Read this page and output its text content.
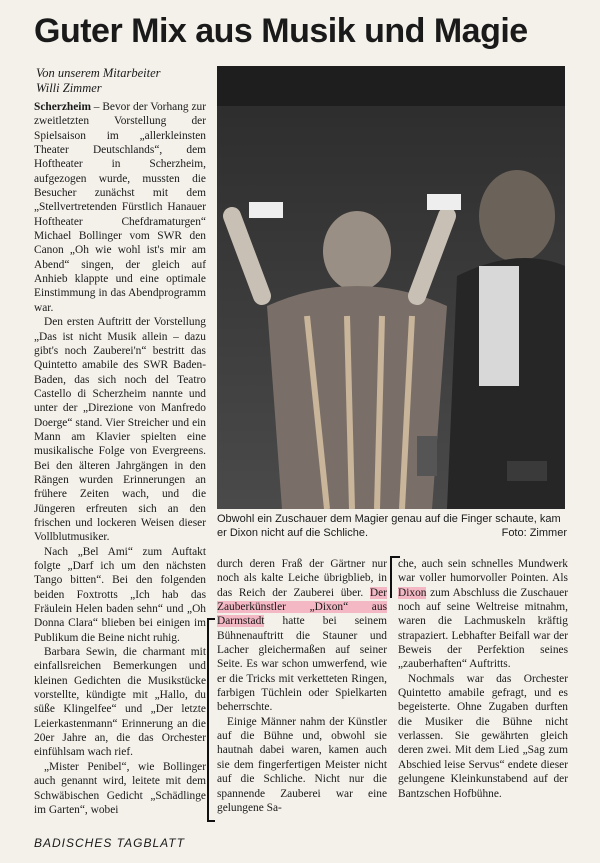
Guter Mix aus Musik und Magie
Von unserem Mitarbeiter
Willi Zimmer

Scherzheim – Bevor der Vorhang zur zweitletzten Vorstellung der Spielsaison im „allerkleinsten Theater Deutschlands“, dem Hoftheater in Scherzheim, aufgezogen wurde, mussten die Besucher zunächst mit dem „Stellvertretenden Fürstlich Hanauer Hoftheater Chefdramaturgen“ Michael Bollinger vom SWR den Canon „Oh wie wohl ist's mir am Abend“ singen, der gleich auf Anhieb klappte und eine optimale Einstimmung in das Abendprogramm war.

Den ersten Auftritt der Vorstellung „Das ist nicht Musik allein – dazu gibt's noch Zauberei'n“ bestritt das Quintetto amabile des SWR Baden-Baden, das sich noch del Teatro Castello di Scherzheim nannte und unter der „Direzione von Manfredo Doerge“ stand. Vier Streicher und ein Mann am Klavier spielten eine musikalische Folge von Evergreens. Bei den älteren Jahrgängen in den Rängen wurden Erinnerungen an frühere Zeiten wach, und die Jüngeren erfreuten sich an den frischen und lockeren Weisen dieser Vollblutmusiker.

Nach „Bel Ami“ zum Auftakt folgte „Darf ich um den nächsten Tango bitten“. Bei den folgenden beiden Foxtrotts „Ich hab das Fräulein Helen baden sehn“ und „Oh Donna Clara“ blieben bei einigen im Publikum die Beine nicht ruhig.

Barbara Sewin, die charmant mit einfallsreichen Bemerkungen und kleinen Gedichten die Musikstücke vorstellte, kündigte mit „Hallo, du süße Klingelfee“ und „Der letzte Leierkastenmann“ Erinnerung an die 20er Jahre an, die das Orchester einfühlsam wach rief.

„Mister Penibel“, wie Bollinger auch genannt wird, leitete mit dem Schwäbischen Gedicht „Schädlinge im Garten“, wobei

Obwohl ein Zuschauer dem Magier genau auf die Finger schaute, kam er Dixon nicht auf die Schliche.	Foto: Zimmer

durch deren Fraß der Gärtner nur noch als kalte Leiche übrigblieb, in das Reich der Zauberei über. Der Zauberkünstler „Dixon“ aus Darmstadt hatte bei seinem Bühnenauftritt die Stauner und Lacher gleichermaßen auf seiner Seite. Es war schon umwerfend, wie er die Tricks mit verketteten Ringen, farbigen Tüchlein oder Spielkarten beherrschte.

Einige Männer nahm der Künstler auf die Bühne und, obwohl sie hautnah dabei waren, kamen auch sie dem fingerfertigen Meister nicht auf die Schliche. Nicht nur die spannende Zauberei war eine gelungene Sa-

che, auch sein schnelles Mundwerk war voller humorvoller Pointen. Als Dixon zum Abschluss die Zuschauer noch auf seine Weltreise mitnahm, waren die Lachmuskeln kräftig strapaziert. Lebhafter Beifall war der Beweis der Perfektion seines „zauberhaften“ Auftritts.

Nochmals war das Orchester Quintetto amabile gefragt, und es begeisterte. Ohne Zugaben durften die Musiker die Bühne nicht verlassen. Sie gewährten gleich deren zwei. Mit dem Lied „Sag zum Abschied leise Servus“ endete dieser gelungene Kleinkunstabend auf der Bantzschen Hofbühne.

BADISCHES TAGBLATT
